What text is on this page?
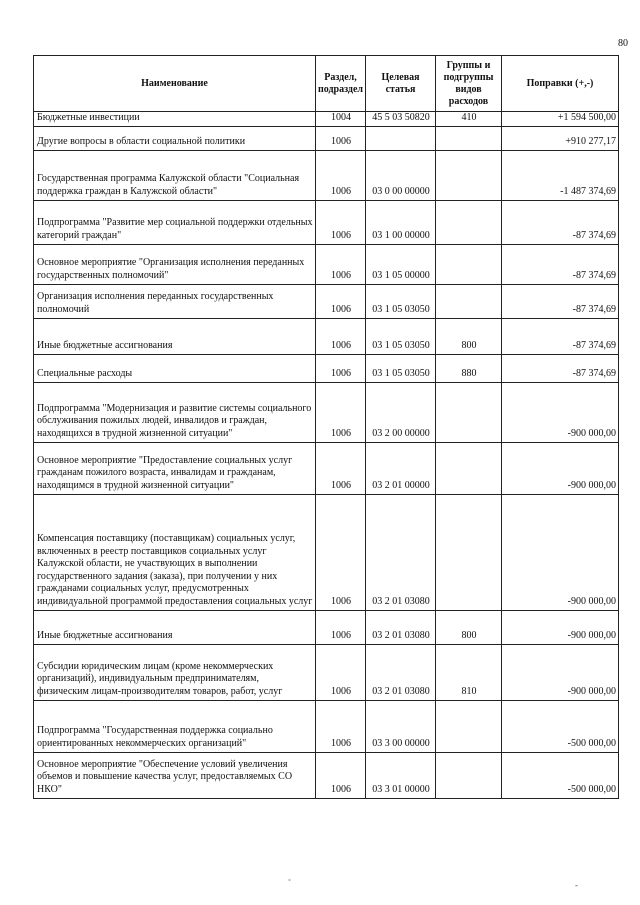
80
Наименование	Раздел, подраздел	Целевая статья	Группы и подгруппы видов расходов	Поправки (+,-)
Бюджетные инвестиции	1004	45 5 03 50820	410	+1 594 500,00
Другие вопросы в области социальной политики	1006			+910 277,17
Государственная программа Калужской области "Социальная поддержка граждан в Калужской области"	1006	03 0 00 00000		-1 487 374,69
Подпрограмма "Развитие мер социальной поддержки отдельных категорий граждан"	1006	03 1 00 00000		-87 374,69
Основное мероприятие "Организация исполнения переданных государственных полномочий"	1006	03 1 05 00000		-87 374,69
Организация исполнения переданных государственных полномочий	1006	03 1 05 03050		-87 374,69
Иные бюджетные ассигнования	1006	03 1 05 03050	800	-87 374,69
Специальные расходы	1006	03 1 05 03050	880	-87 374,69
Подпрограмма "Модернизация и развитие системы социального обслуживания пожилых людей, инвалидов и граждан, находящихся в трудной жизненной ситуации"	1006	03 2 00 00000		-900 000,00
Основное мероприятие "Предоставление социальных услуг гражданам пожилого возраста, инвалидам и гражданам, находящимся в трудной жизненной ситуации"	1006	03 2 01 00000		-900 000,00
Компенсация поставщику (поставщикам) социальных услуг, включенных в реестр поставщиков социальных услуг Калужской области, не участвующих в выполнении государственного задания (заказа), при получении у них гражданами социальных услуг, предусмотренных индивидуальной программой предоставления социальных услуг	1006	03 2 01 03080		-900 000,00
Иные бюджетные ассигнования	1006	03 2 01 03080	800	-900 000,00
Субсидии юридическим лицам (кроме некоммерческих организаций), индивидуальным предпринимателям, физическим лицам-производителям товаров, работ, услуг	1006	03 2 01 03080	810	-900 000,00
Подпрограмма "Государственная поддержка социально ориентированных некоммерческих организаций"	1006	03 3 00 00000		-500 000,00
Основное мероприятие "Обеспечение условий увеличения объемов и повышение качества услуг, предоставляемых СО НКО"	1006	03 3 01 00000		-500 000,00
˚	-
